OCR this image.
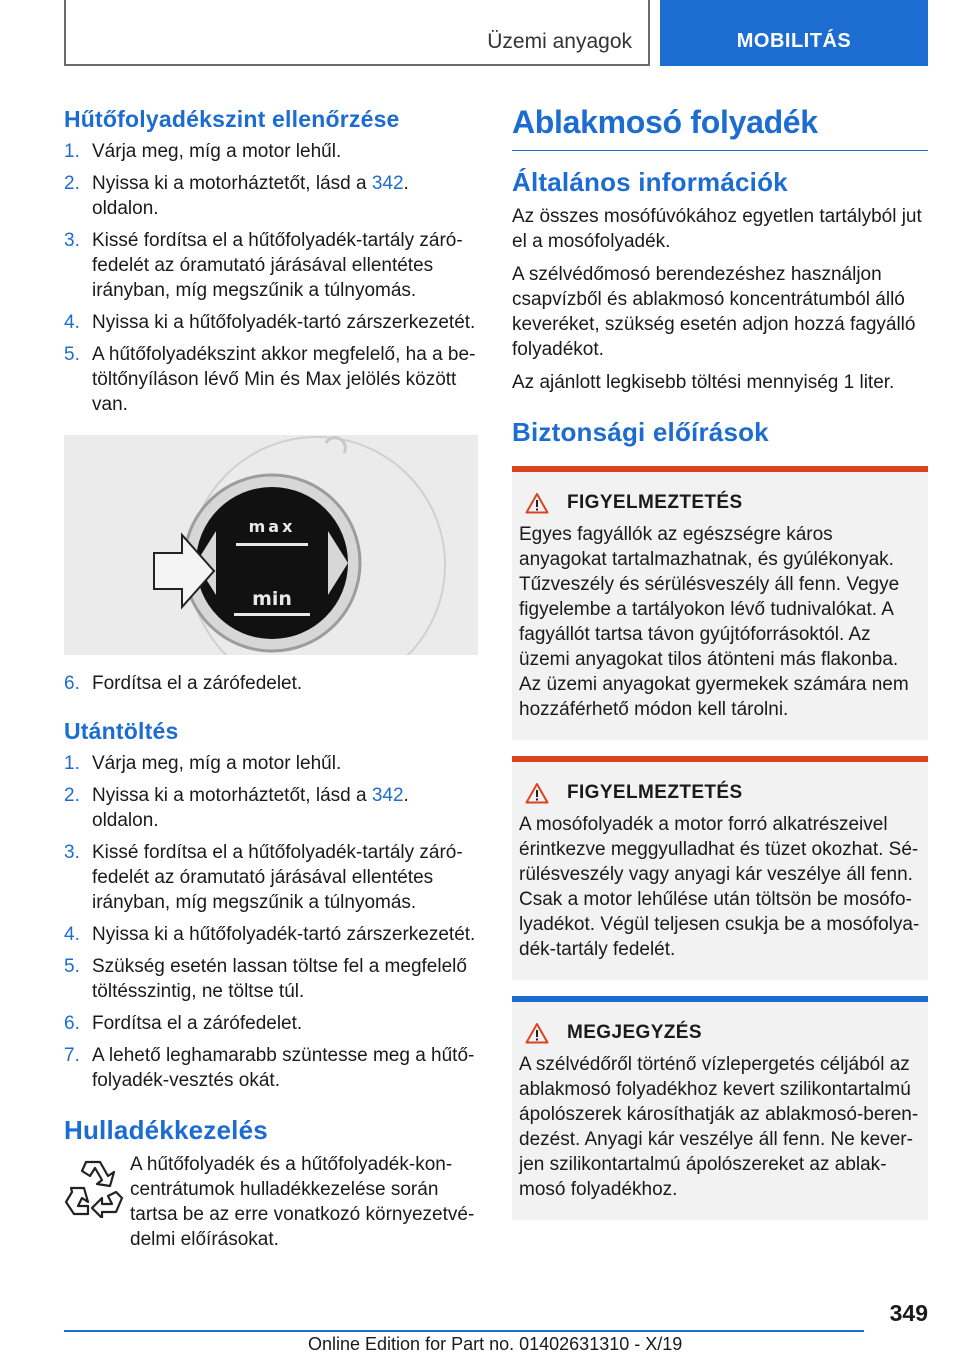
Üzemi anyagok	MOBILITÁS
Hűtőfolyadékszint ellenőrzése
1. Várja meg, míg a motor lehűl.
2. Nyissa ki a motorháztetőt, lásd a 342. oldalon.
3. Kissé fordítsa el a hűtőfolyadék-tartály zárófedelét az óramutató járásával ellentétes irányban, míg megszűnik a túlnyomás.
4. Nyissa ki a hűtőfolyadék-tartó zárszerkezetét.
5. A hűtőfolyadékszint akkor megfelelő, ha a betöltőnyíláson lévő Min és Max jelölés között van.
max
min
6. Fordítsa el a zárófedelet.
Utántöltés
1. Várja meg, míg a motor lehűl.
2. Nyissa ki a motorháztetőt, lásd a 342. oldalon.
3. Kissé fordítsa el a hűtőfolyadék-tartály zárófedelét az óramutató járásával ellentétes irányban, míg megszűnik a túlnyomás.
4. Nyissa ki a hűtőfolyadék-tartó zárszerkezetét.
5. Szükség esetén lassan töltse fel a megfelelő töltésszintig, ne töltse túl.
6. Fordítsa el a zárófedelet.
7. A lehető leghamarabb szüntesse meg a hűtőfolyadék-vesztés okát.
Hulladékkezelés

A hűtőfolyadék és a hűtőfolyadék-koncentrátumok hulladékkezelése során tartsa be az erre vonatkozó környezetvédelmi előírásokat.

Ablakmosó folyadék
Általános információk

Az összes mosófúvókához egyetlen tartályból jut el a mosófolyadék.

A szélvédőmosó berendezéshez használjon csapvízből és ablakmosó koncentrátumból álló keveréket, szükség esetén adjon hozzá fagyálló folyadékot.

Az ajánlott legkisebb töltési mennyiség 1 liter.

Biztonsági előírások
FIGYELMEZTETÉS

Egyes fagyállók az egészségre káros anyagokat tartalmazhatnak, és gyúlékonyak. Tűzveszély és sérülésveszély áll fenn. Vegye figyelembe a tartályokon lévő tudnivalókat. A fagyállót tartsa távon gyújtóforrásoktól. Az üzemi anyagokat tilos átönteni más flakonba. Az üzemi anyagokat gyermekek számára nem hozzáférhető módon kell tárolni.

FIGYELMEZTETÉS

A mosófolyadék a motor forró alkatrészeivel érintkezve meggyulladhat és tüzet okozhat. Sérülésveszély vagy anyagi kár veszélye áll fenn. Csak a motor lehűlése után töltsön be mosófolyadékot. Végül teljesen csukja be a mosófolyadék-tartály fedelét.

MEGJEGYZÉS

A szélvédőről történő vízlepergetés céljából az ablakmosó folyadékhoz kevert szilikontartalmú ápolószerek károsíthatják az ablakmosó-berendezést. Anyagi kár veszélye áll fenn. Ne keverjen szilikontartalmú ápolószereket az ablakmosó folyadékhoz.

349
Online Edition for Part no. 01402631310 - X/19
